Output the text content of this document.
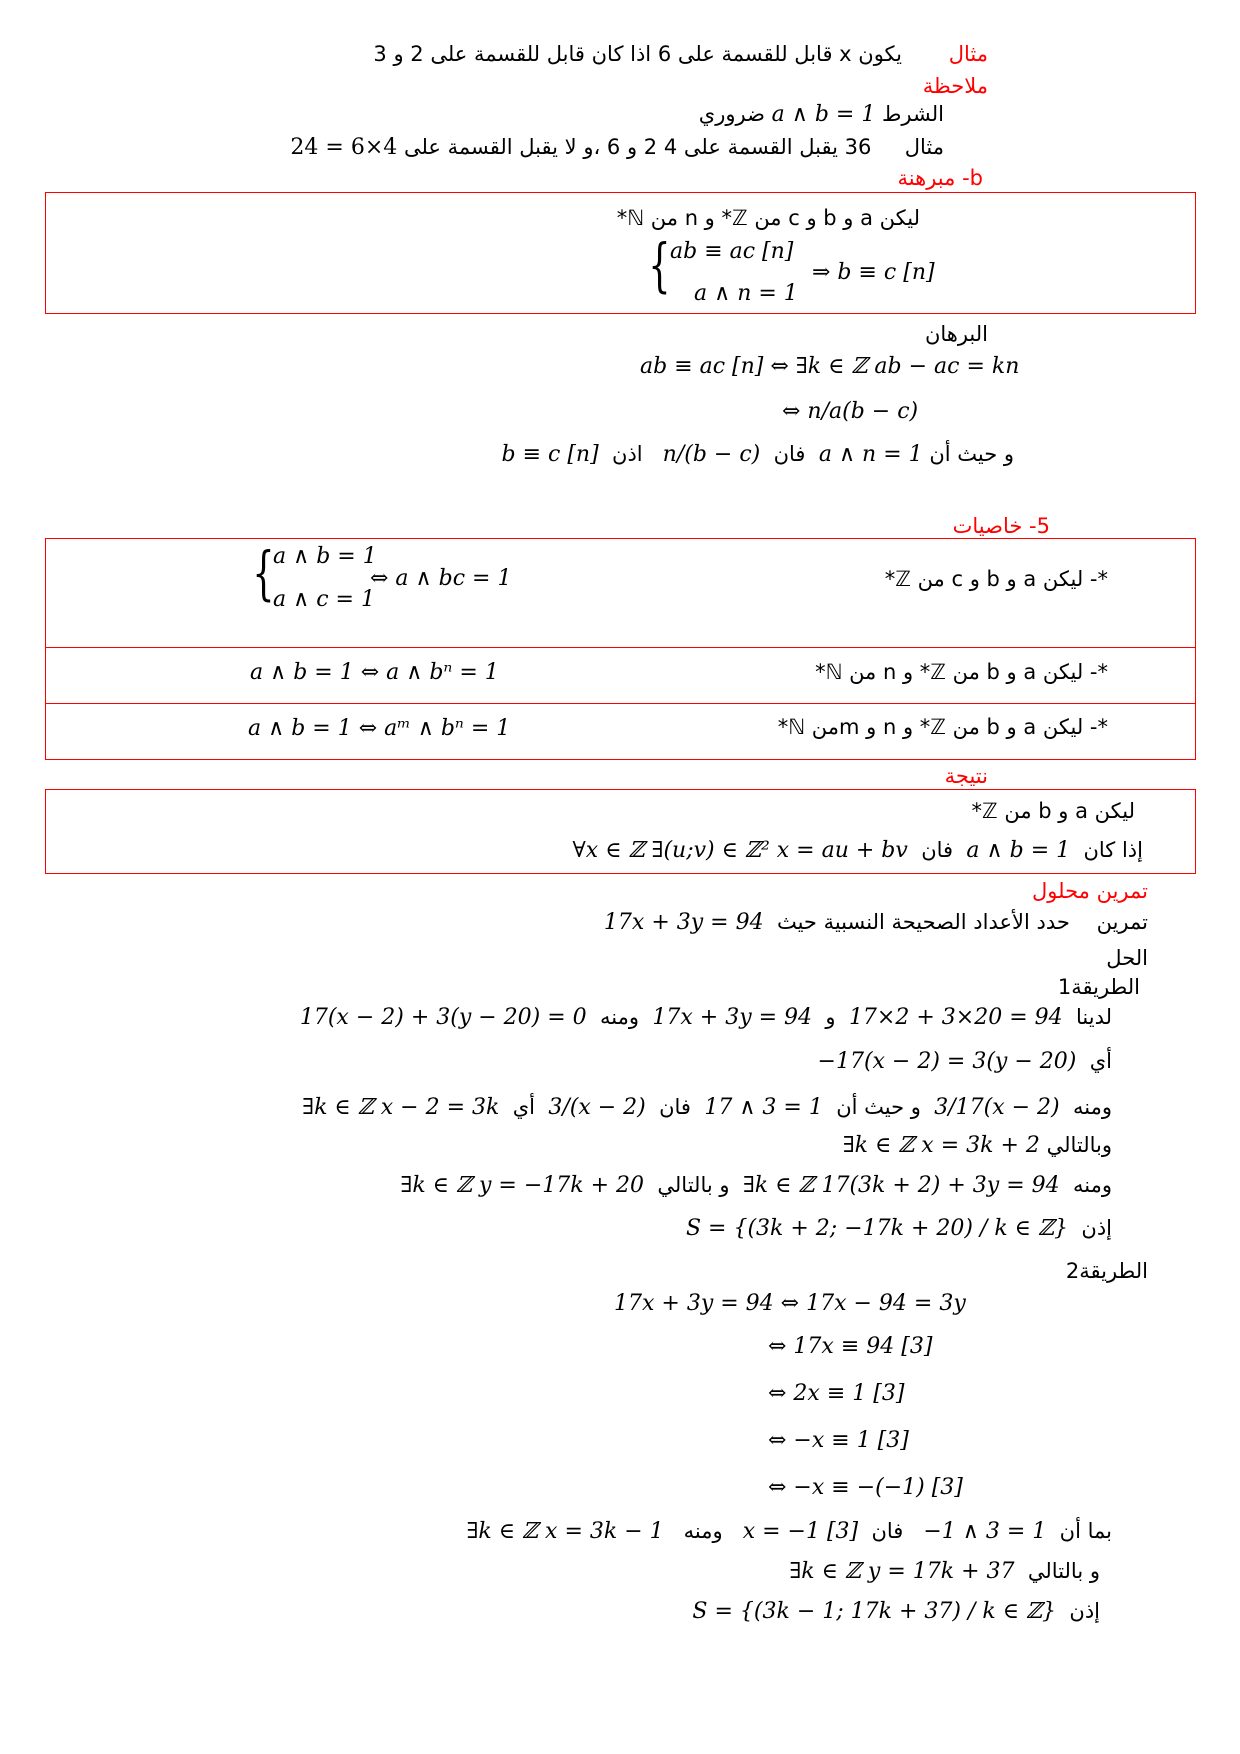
مثال
يكون x قابل للقسمة على 6 اذا كان قابل للقسمة على 2 و 3
ملاحظة
الشرط a ∧ b = 1 ضروري
مثال     36 يقبل القسمة على 4 2 و 6 ،و لا يقبل القسمة على 24 = 6×4
b- مبرهنة
ليكن a و b و c من ℤ* و n من ℕ*
{ ab ≡ ac [n]
a ∧ n = 1
⇒ b ≡ c [n]
البرهان
ab ≡ ac [n] ⇔ ∃k ∈ ℤ ab − ac = kn
⇔ n/a(b − c)
و حيث أن a ∧ n = 1  فان  n/(b − c)   اذن  b ≡ c [n]
5- خاصيات
*- ليكن a و b و c من ℤ*
{
a ∧ b = 1
a ∧ c = 1
⇔ a ∧ bc = 1
*- ليكن a و b من ℤ* و n من ℕ*
a ∧ b = 1 ⇔ a ∧ bⁿ = 1
*- ليكن a و b من ℤ* و n و mمن ℕ*
a ∧ b = 1 ⇔ aᵐ ∧ bⁿ = 1
نتيجة
ليكن a و b من ℤ*
إذا كان  a ∧ b = 1  فان  ∀x ∈ ℤ ∃(u;v) ∈ ℤ² x = au + bv
تمرين محلول
تمرين    حدد الأعداد الصحيحة النسبية حيث  17x + 3y = 94
الحل
الطريقة1
لدينا  17×2 + 3×20 = 94  و  17x + 3y = 94  ومنه  17(x − 2) + 3(y − 20) = 0
أي  −17(x − 2) = 3(y − 20)
ومنه  3/17(x − 2)  و حيث أن  17 ∧ 3 = 1  فان  3/(x − 2)  أي  ∃k ∈ ℤ x − 2 = 3k
وبالتالي ∃k ∈ ℤ x = 3k + 2
ومنه  ∃k ∈ ℤ 17(3k + 2) + 3y = 94  و بالتالي  ∃k ∈ ℤ y = −17k + 20
إذن  S = {(3k + 2; −17k + 20) / k ∈ ℤ}
الطريقة2
17x + 3y = 94 ⇔ 17x − 94 = 3y
⇔ 17x ≡ 94 [3]
⇔ 2x ≡ 1 [3]
⇔ −x ≡ 1 [3]
⇔ −x ≡ −(−1) [3]
بما أن  −1 ∧ 3 = 1   فان  x = −1 [3]   ومنه   ∃k ∈ ℤ x = 3k − 1
و بالتالي  ∃k ∈ ℤ y = 17k + 37
إذن  S = {(3k − 1; 17k + 37) / k ∈ ℤ}
